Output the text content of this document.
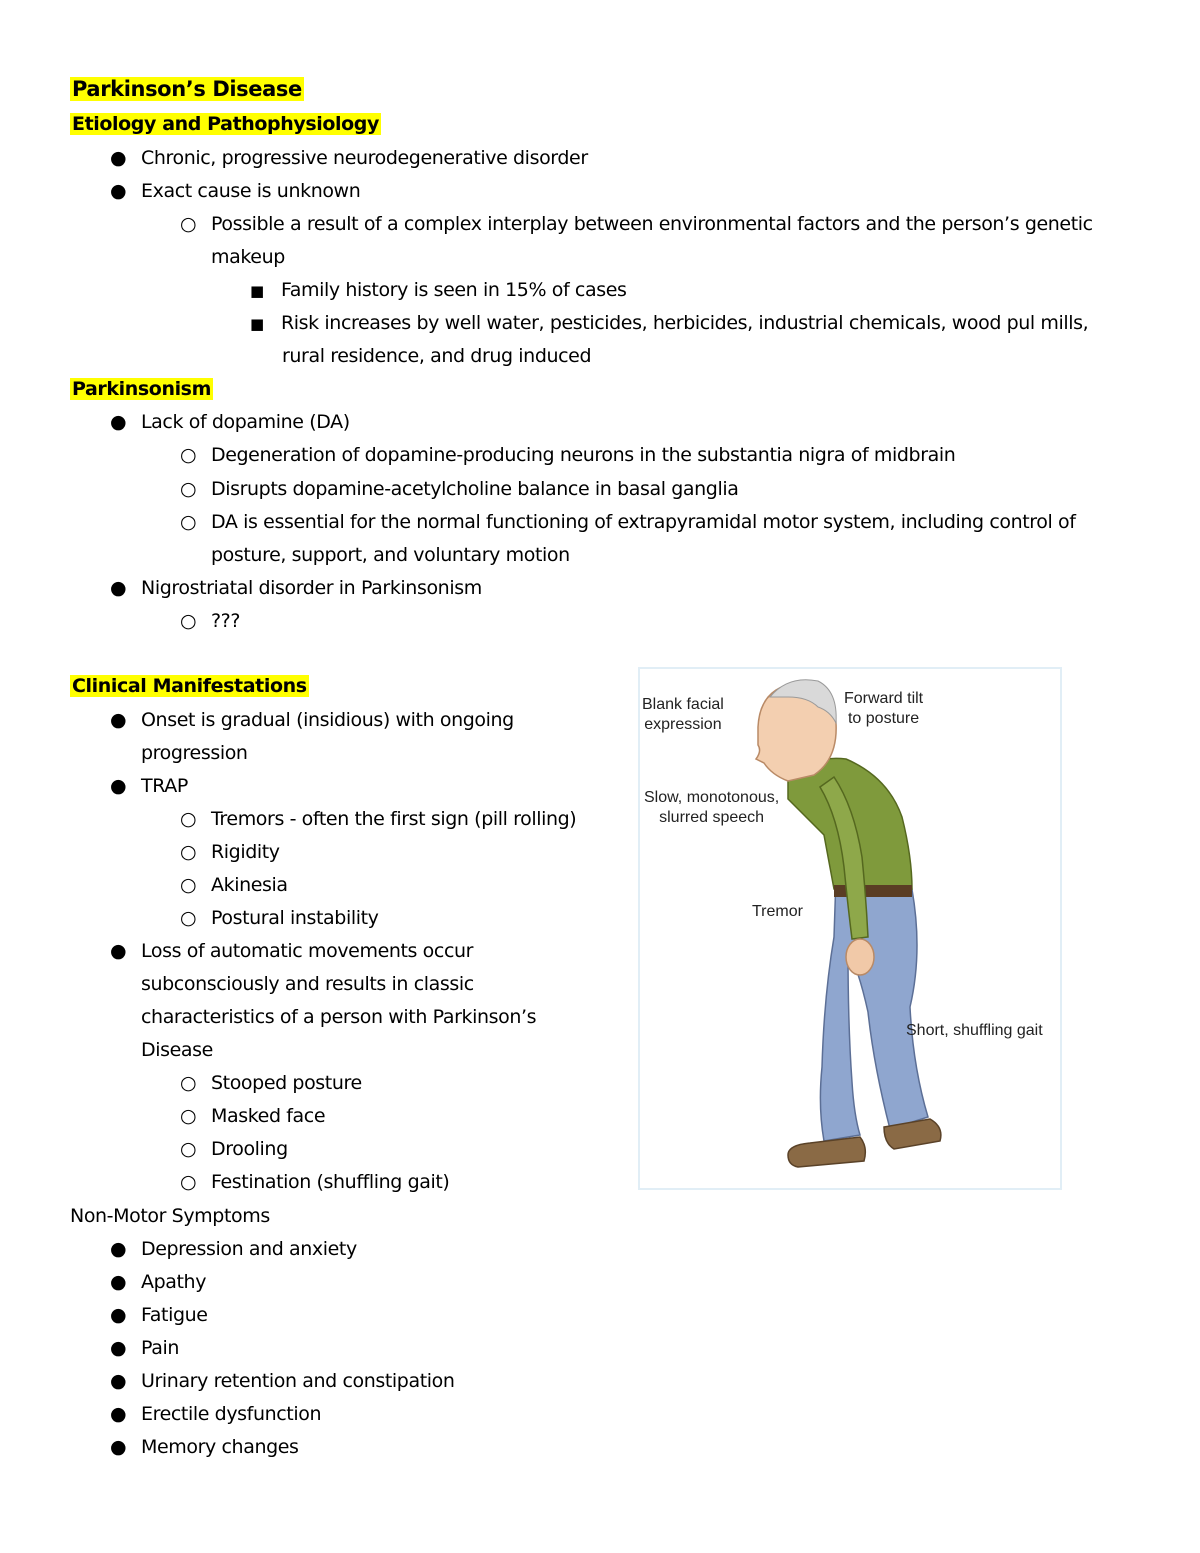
Parkinson’s Disease
Etiology and Pathophysiology
● Chronic, progressive neurodegenerative disorder
● Exact cause is unknown
○ Possible a result of a complex interplay between environmental factors and the person’s genetic
makeup
■ Family history is seen in 15% of cases
■ Risk increases by well water, pesticides, herbicides, industrial chemicals, wood pul mills,
rural residence, and drug induced
Parkinsonism
● Lack of dopamine (DA)
○ Degeneration of dopamine-producing neurons in the substantia nigra of midbrain
○ Disrupts dopamine-acetylcholine balance in basal ganglia
○ DA is essential for the normal functioning of extrapyramidal motor system, including control of
posture, support, and voluntary motion
● Nigrostriatal disorder in Parkinsonism
○ ???
Clinical Manifestations
● Onset is gradual (insidious) with ongoing
progression
● TRAP
○ Tremors - often the first sign (pill rolling)
○ Rigidity
○ Akinesia
○ Postural instability
● Loss of automatic movements occur
subconsciously and results in classic
characteristics of a person with Parkinson’s
Disease
○ Stooped posture
○ Masked face
○ Drooling
○ Festination (shuffling gait)
Non-Motor Symptoms
● Depression and anxiety
● Apathy
● Fatigue
● Pain
● Urinary retention and constipation
● Erectile dysfunction
● Memory changes
Blank facial
expression
Forward tilt
to posture
Slow, monotonous,
slurred speech
Tremor
Short, shuffling gait
